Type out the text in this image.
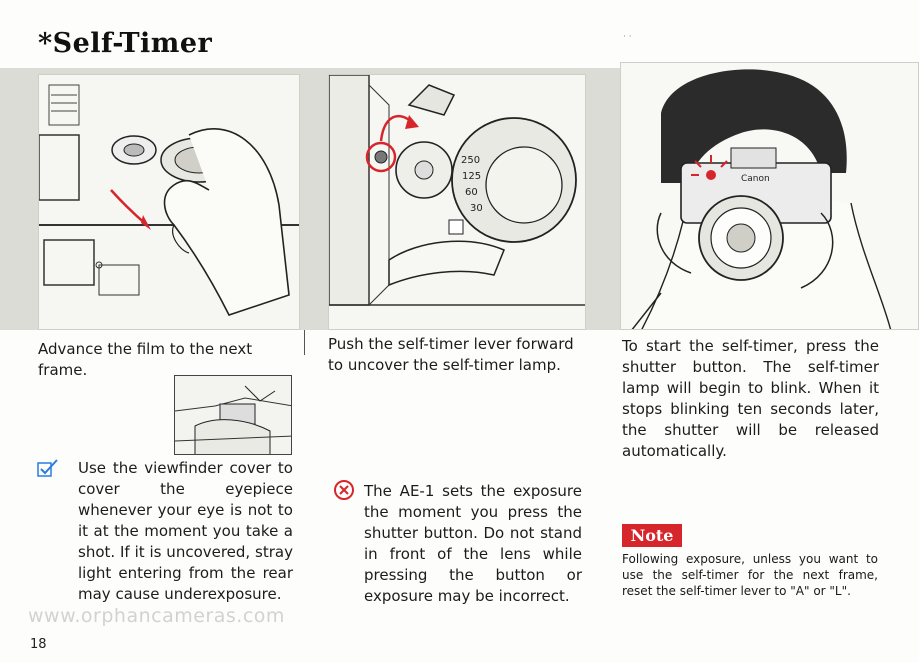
*Self-Timer	· ·
250
125
60
30
Canon

Advance the film to the next frame.

Use the viewfinder cover to cover the eyepiece whenever your eye is not to it at the moment you take a shot. If it is uncovered, stray light entering from the rear may cause underexposure.

Push the self-timer lever forward to uncover the self-timer lamp.

The AE-1 sets the exposure the moment you press the shutter button. Do not stand in front of the lens while pressing the button or exposure may be incorrect.

To start the self-timer, press the shutter button. The self-timer lamp will begin to blink. When it stops blinking ten seconds later, the shutter will be released automatically.

Note

Following exposure, unless you want to use the self-timer for the next frame, reset the self-timer lever to "A" or "L".

www.orphancameras.com
18
